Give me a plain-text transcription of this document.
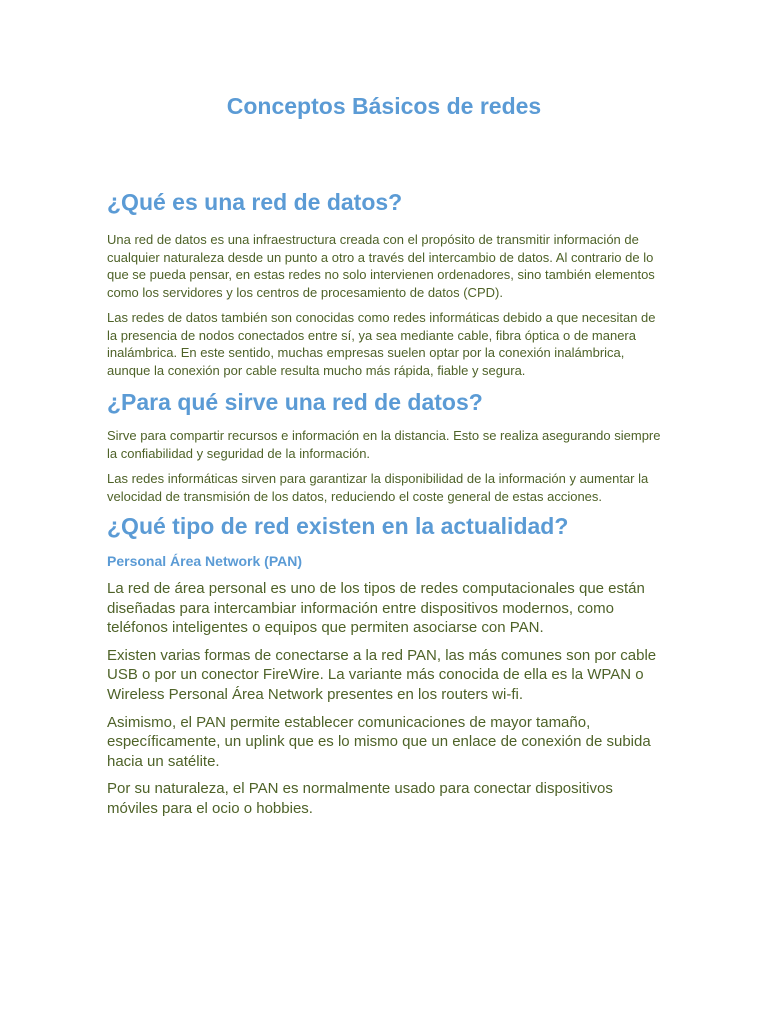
Conceptos Básicos de redes
¿Qué es una red de datos?

Una red de datos es una infraestructura creada con el propósito de transmitir información de cualquier naturaleza desde un punto a otro a través del intercambio de datos. Al contrario de lo que se pueda pensar, en estas redes no solo intervienen ordenadores, sino también elementos como los servidores y los centros de procesamiento de datos (CPD).

Las redes de datos también son conocidas como redes informáticas debido a que necesitan de la presencia de nodos conectados entre sí, ya sea mediante cable, fibra óptica o de manera inalámbrica. En este sentido, muchas empresas suelen optar por la conexión inalámbrica, aunque la conexión por cable resulta mucho más rápida, fiable y segura.

¿Para qué sirve una red de datos?

Sirve para compartir recursos e información en la distancia. Esto se realiza asegurando siempre la confiabilidad y seguridad de la información.

Las redes informáticas sirven para garantizar la disponibilidad de la información y aumentar la velocidad de transmisión de los datos, reduciendo el coste general de estas acciones.

¿Qué tipo de red existen en la actualidad?
Personal Área Network (PAN)

La red de área personal es uno de los tipos de redes computacionales que están diseñadas para intercambiar información entre dispositivos modernos, como teléfonos inteligentes o equipos que permiten asociarse con PAN.

Existen varias formas de conectarse a la red PAN, las más comunes son por cable USB o por un conector FireWire. La variante más conocida de ella es la WPAN o Wireless Personal Área Network presentes en los routers wi-fi.

Asimismo, el PAN permite establecer comunicaciones de mayor tamaño, específicamente, un uplink que es lo mismo que un enlace de conexión de subida hacia un satélite.

Por su naturaleza, el PAN es normalmente usado para conectar dispositivos móviles para el ocio o hobbies.
